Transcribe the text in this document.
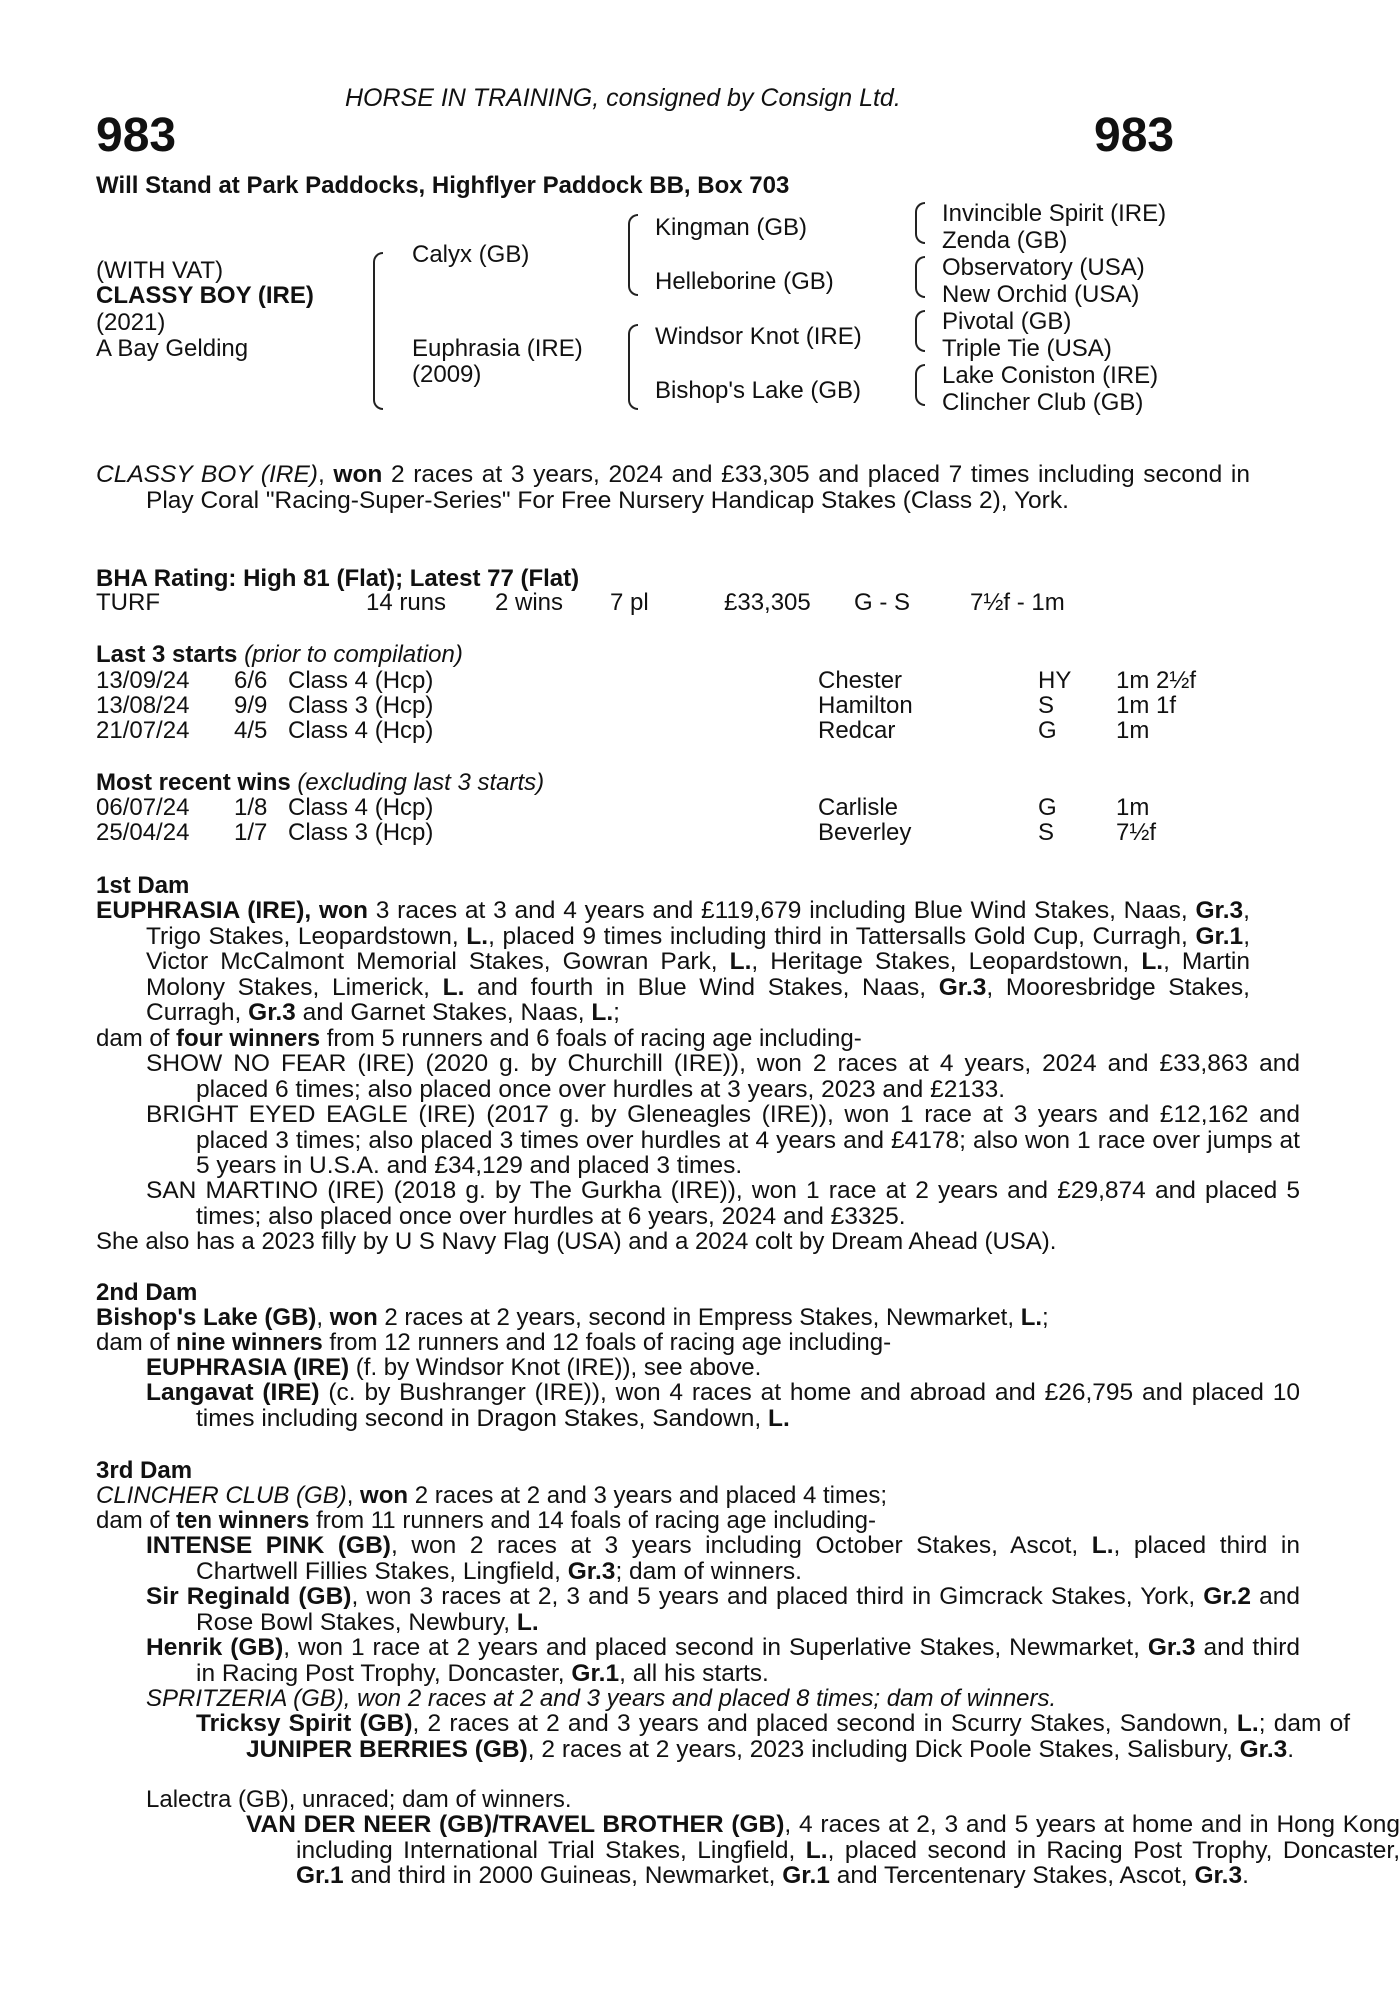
HORSE IN TRAINING, consigned by Consign Ltd.
983	983
Will Stand at Park Paddocks, Highflyer Paddock BB, Box 703
(WITH VAT)
CLASSY BOY (IRE)
(2021)
A Bay Gelding
Calyx (GB)
Euphrasia (IRE)
(2009)
Kingman (GB)
Helleborine (GB)
Windsor Knot (IRE)
Bishop's Lake (GB)
Invincible Spirit (IRE)
Zenda (GB)
Observatory (USA)
New Orchid (USA)
Pivotal (GB)
Triple Tie (USA)
Lake Coniston (IRE)
Clincher Club (GB)
CLASSY BOY (IRE), won 2 races at 3 years, 2024 and £33,305 and placed 7 times including second in Play Coral "Racing-Super-Series" For Free Nursery Handicap Stakes (Class 2), York.
BHA Rating: High 81 (Flat); Latest 77 (Flat)
TURF	14 runs 2 wins 7 pl	£33,305 G - S 7½f - 1m
Last 3 starts (prior to compilation)
13/09/24 6/6 Class 4 (Hcp)	Chester	HY 1m 2½f
13/08/24 9/9 Class 3 (Hcp)	Hamilton	S	1m 1f
21/07/24 4/5 Class 4 (Hcp)	Redcar	G 1m
Most recent wins (excluding last 3 starts)
06/07/24 1/8 Class 4 (Hcp)	Carlisle	G 1m
25/04/24 1/7 Class 3 (Hcp)	Beverley	S	7½f
1st Dam
EUPHRASIA (IRE), won 3 races at 3 and 4 years and £119,679 including Blue Wind Stakes, Naas, Gr.3, Trigo Stakes, Leopardstown, L., placed 9 times including third in Tattersalls Gold Cup, Curragh, Gr.1, Victor McCalmont Memorial Stakes, Gowran Park, L., Heritage Stakes, Leopardstown, L., Martin Molony Stakes, Limerick, L. and fourth in Blue Wind Stakes, Naas, Gr.3, Mooresbridge Stakes, Curragh, Gr.3 and Garnet Stakes, Naas, L.;
dam of four winners from 5 runners and 6 foals of racing age including-
SHOW NO FEAR (IRE) (2020 g. by Churchill (IRE)), won 2 races at 4 years, 2024 and £33,863 and placed 6 times; also placed once over hurdles at 3 years, 2023 and £2133.
BRIGHT EYED EAGLE (IRE) (2017 g. by Gleneagles (IRE)), won 1 race at 3 years and £12,162 and placed 3 times; also placed 3 times over hurdles at 4 years and £4178; also won 1 race over jumps at 5 years in U.S.A. and £34,129 and placed 3 times.
SAN MARTINO (IRE) (2018 g. by The Gurkha (IRE)), won 1 race at 2 years and £29,874 and placed 5 times; also placed once over hurdles at 6 years, 2024 and £3325.
She also has a 2023 filly by U S Navy Flag (USA) and a 2024 colt by Dream Ahead (USA).
2nd Dam
Bishop's Lake (GB), won 2 races at 2 years, second in Empress Stakes, Newmarket, L.;
dam of nine winners from 12 runners and 12 foals of racing age including-
EUPHRASIA (IRE) (f. by Windsor Knot (IRE)), see above.
Langavat (IRE) (c. by Bushranger (IRE)), won 4 races at home and abroad and £26,795 and placed 10 times including second in Dragon Stakes, Sandown, L.
3rd Dam
CLINCHER CLUB (GB), won 2 races at 2 and 3 years and placed 4 times;
dam of ten winners from 11 runners and 14 foals of racing age including-
INTENSE PINK (GB), won 2 races at 3 years including October Stakes, Ascot, L., placed third in Chartwell Fillies Stakes, Lingfield, Gr.3; dam of winners.
Sir Reginald (GB), won 3 races at 2, 3 and 5 years and placed third in Gimcrack Stakes, York, Gr.2 and Rose Bowl Stakes, Newbury, L.
Henrik (GB), won 1 race at 2 years and placed second in Superlative Stakes, Newmarket, Gr.3 and third in Racing Post Trophy, Doncaster, Gr.1, all his starts.
SPRITZERIA (GB), won 2 races at 2 and 3 years and placed 8 times; dam of winners.
Tricksy Spirit (GB), 2 races at 2 and 3 years and placed second in Scurry Stakes, Sandown, L.; dam of JUNIPER BERRIES (GB), 2 races at 2 years, 2023 including Dick Poole Stakes, Salisbury, Gr.3.
Lalectra (GB), unraced; dam of winners.
VAN DER NEER (GB)/TRAVEL BROTHER (GB), 4 races at 2, 3 and 5 years at home and in Hong Kong including International Trial Stakes, Lingfield, L., placed second in Racing Post Trophy, Doncaster, Gr.1 and third in 2000 Guineas, Newmarket, Gr.1 and Tercentenary Stakes, Ascot, Gr.3.
